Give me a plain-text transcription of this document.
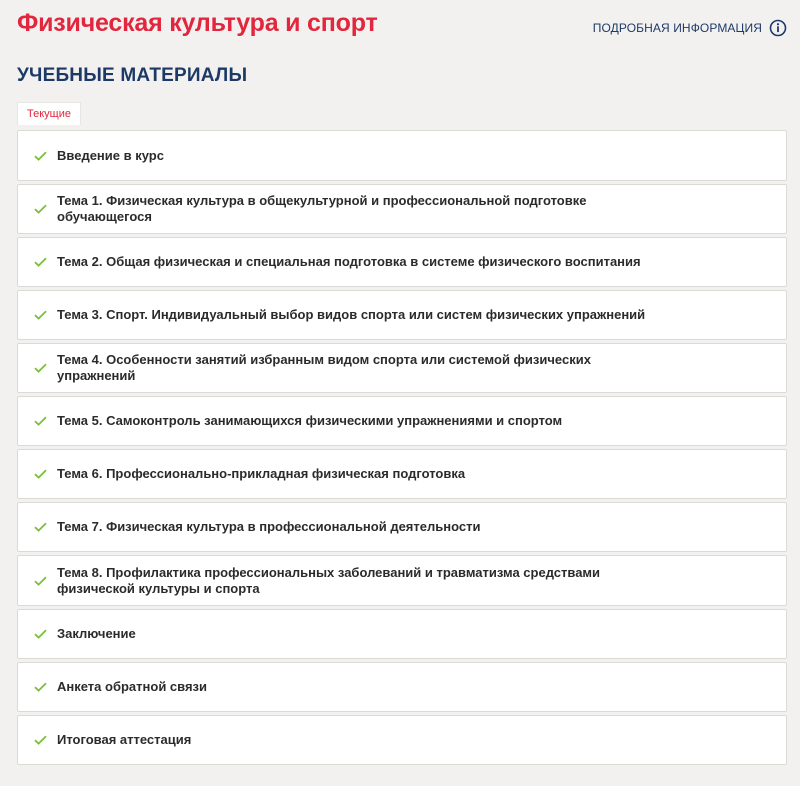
Физическая культура и спорт	ПОДРОБНАЯ ИНФОРМАЦИЯ
УЧЕБНЫЕ МАТЕРИАЛЫ
Текущие
Введение в курс
Тема 1. Физическая культура в общекультурной и профессиональной подготовке обучающегося
Тема 2. Общая физическая и специальная подготовка в системе физического воспитания
Тема 3. Спорт. Индивидуальный выбор видов спорта или систем физических упражнений
Тема 4. Особенности занятий избранным видом спорта или системой физических упражнений
Тема 5. Самоконтроль занимающихся физическими упражнениями и спортом
Тема 6. Профессионально-прикладная физическая подготовка
Тема 7. Физическая культура в профессиональной деятельности
Тема 8. Профилактика профессиональных заболеваний и травматизма средствами физической культуры и спорта
Заключение
Анкета обратной связи
Итоговая аттестация
